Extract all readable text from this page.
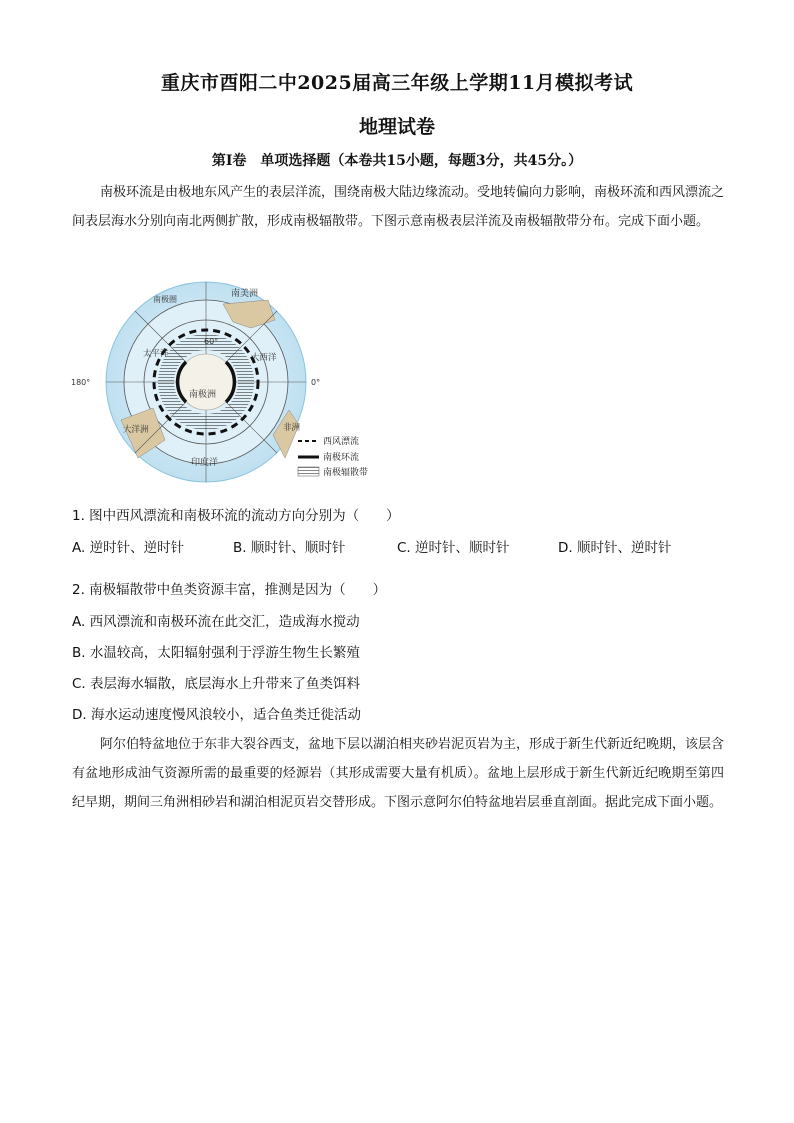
重庆市酉阳二中2025届高三年级上学期11月模拟考试
地理试卷
第Ⅰ卷　单项选择题（本卷共15小题，每题3分，共45分。）
南极环流是由极地东风产生的表层洋流，围绕南极大陆边缘流动。受地转偏向力影响，南极环流和西风漂流之间表层海水分别向南北两侧扩散，形成南极辐散带。下图示意南极表层洋流及南极辐散带分布。完成下面小题。
南极圈
南美洲
太平洋	大西洋
印度洋
非洲
大洋洲
南极洲
60°
180°	0°
西风漂流
南极环流
南极辐散带
1. 图中西风漂流和南极环流的流动方向分别为（　　）
A. 逆时针、逆时针	B. 顺时针、顺时针	C. 逆时针、顺时针	D. 顺时针、逆时针
2. 南极辐散带中鱼类资源丰富，推测是因为（　　）
A. 西风漂流和南极环流在此交汇，造成海水搅动
B. 水温较高，太阳辐射强利于浮游生物生长繁殖
C. 表层海水辐散，底层海水上升带来了鱼类饵料
D. 海水运动速度慢风浪较小，适合鱼类迁徙活动
阿尔伯特盆地位于东非大裂谷西支，盆地下层以湖泊相夹砂岩泥页岩为主，形成于新生代新近纪晚期，该层含有盆地形成油气资源所需的最重要的烃源岩（其形成需要大量有机质）。盆地上层形成于新生代新近纪晚期至第四纪早期，期间三角洲相砂岩和湖泊相泥页岩交替形成。下图示意阿尔伯特盆地岩层垂直剖面。据此完成下面小题。
